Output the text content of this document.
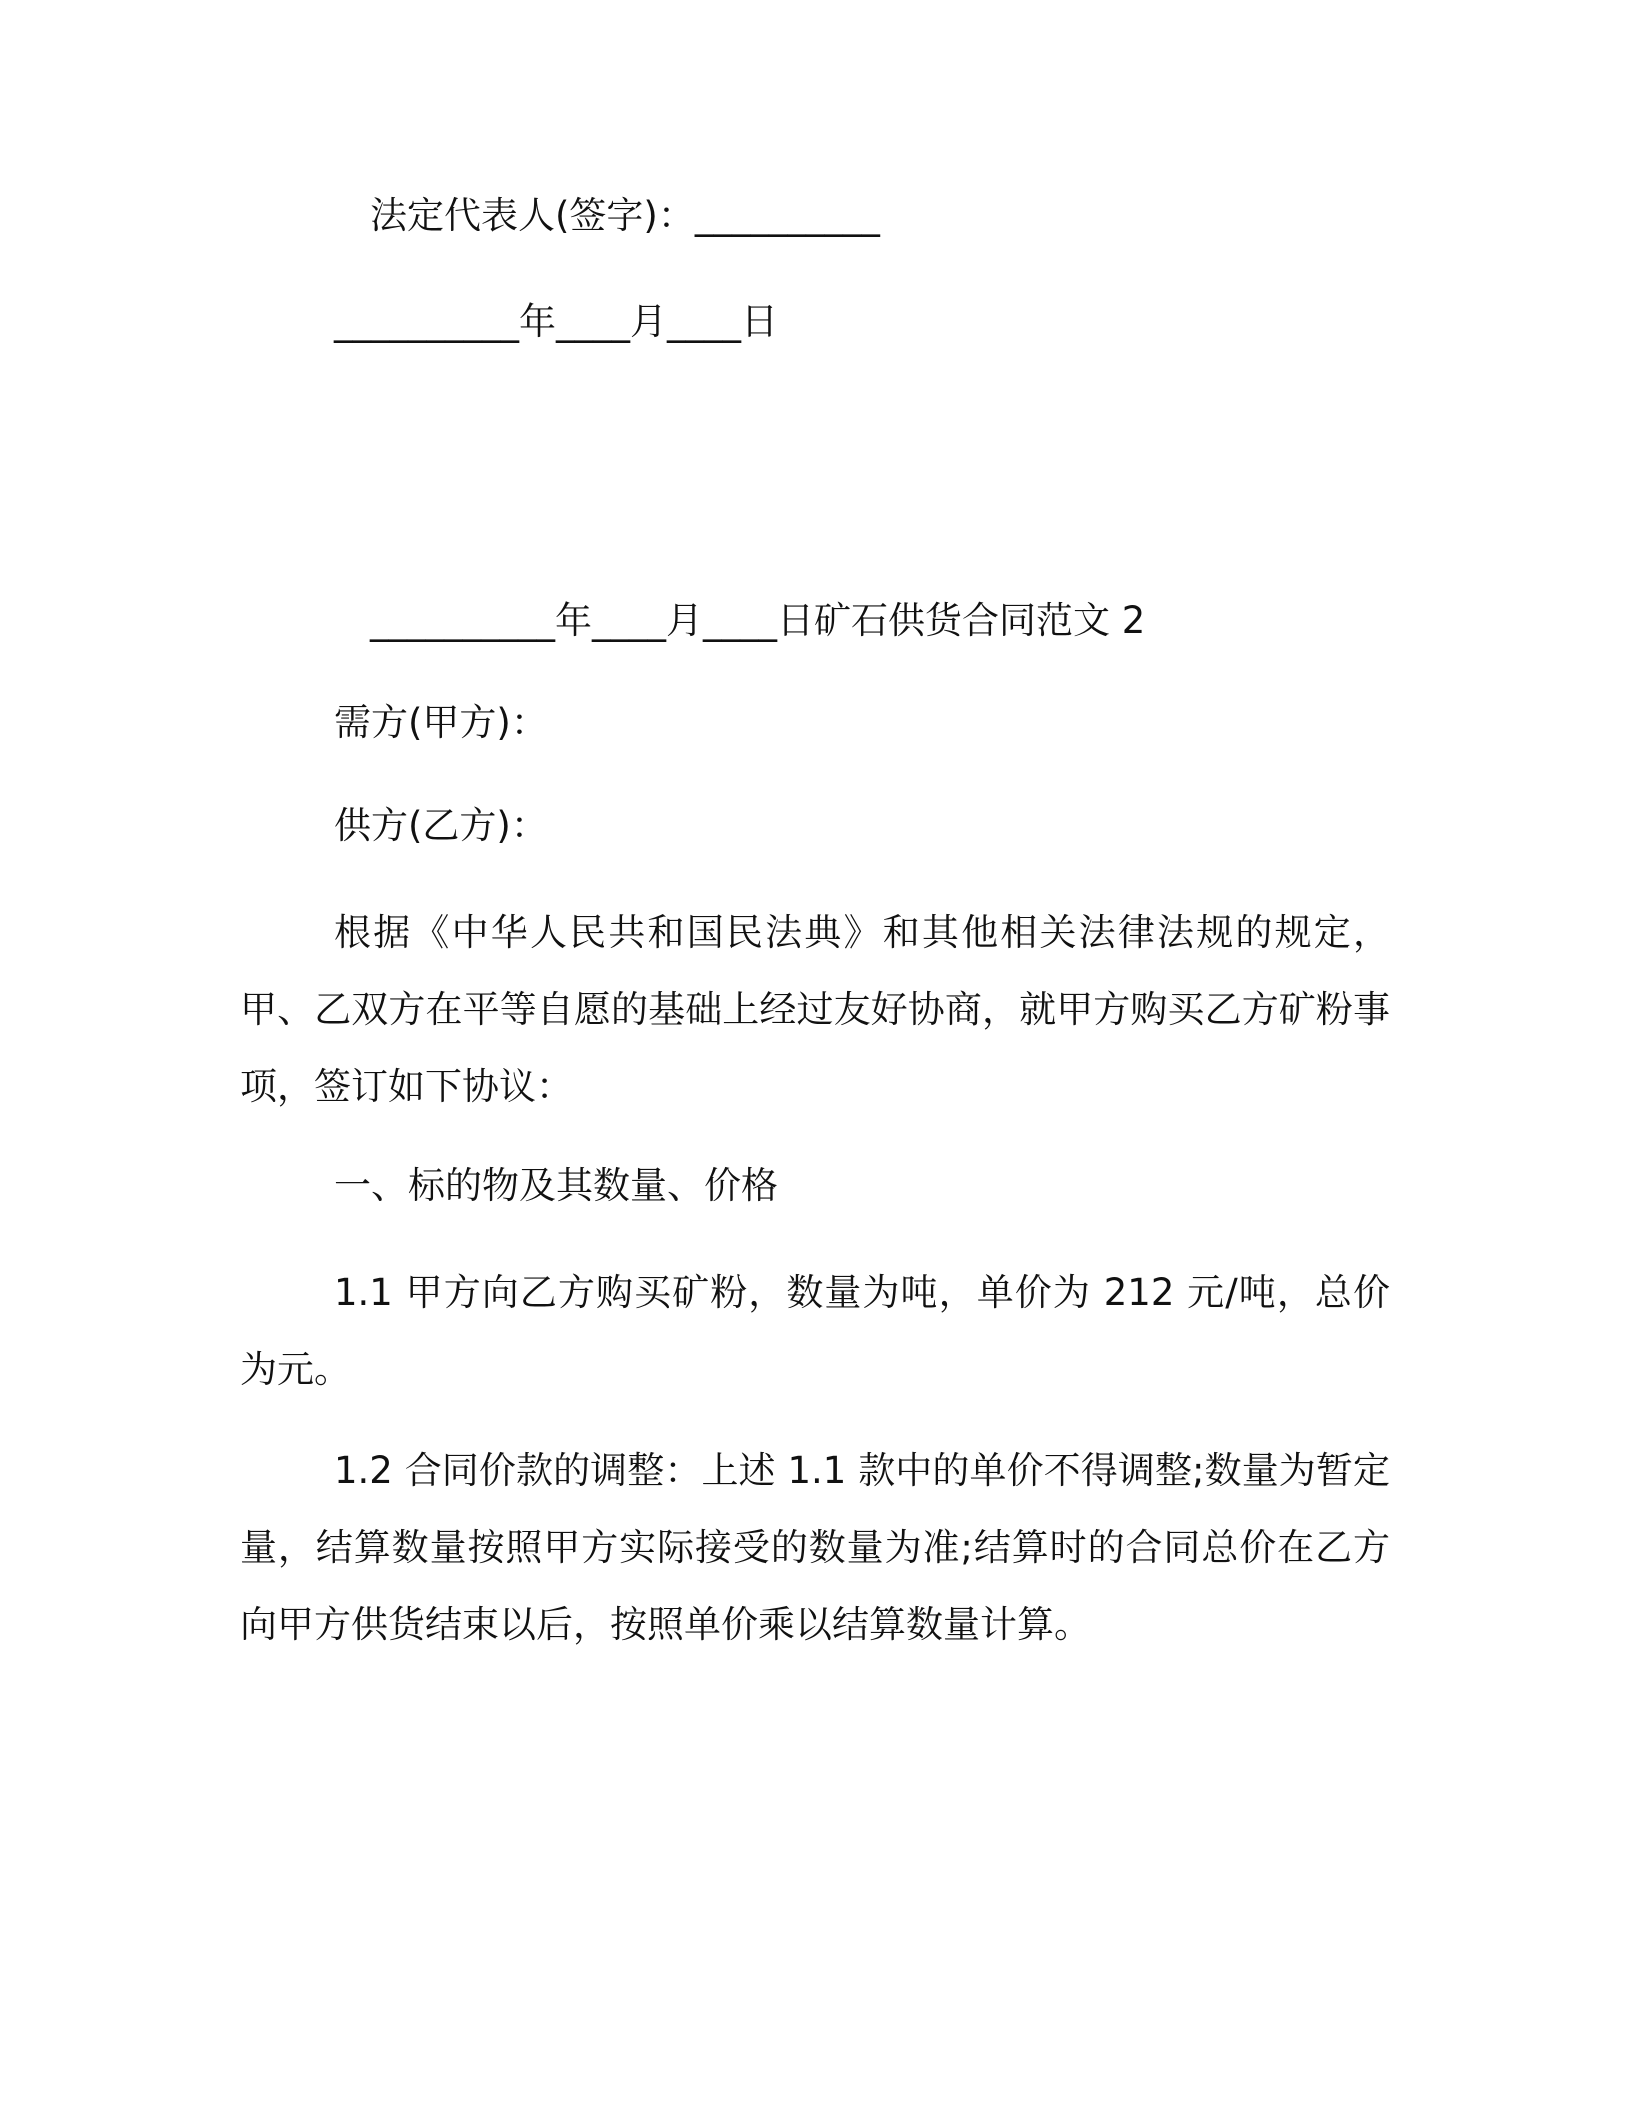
法定代表人(签字)：__________
__________年____月____日
__________年____月____日矿石供货合同范文 2
需方(甲方)：
供方(乙方)：

根据《中华人民共和国民法典》和其他相关法律法规的规定，甲、乙双方在平等自愿的基础上经过友好协商，就甲方购买乙方矿粉事项，签订如下协议：

一、标的物及其数量、价格

1.1 甲方向乙方购买矿粉，数量为吨，单价为 212 元/吨，总价为元。

1.2 合同价款的调整：上述 1.1 款中的单价不得调整;数量为暂定量，结算数量按照甲方实际接受的数量为准;结算时的合同总价在乙方向甲方供货结束以后，按照单价乘以结算数量计算。
